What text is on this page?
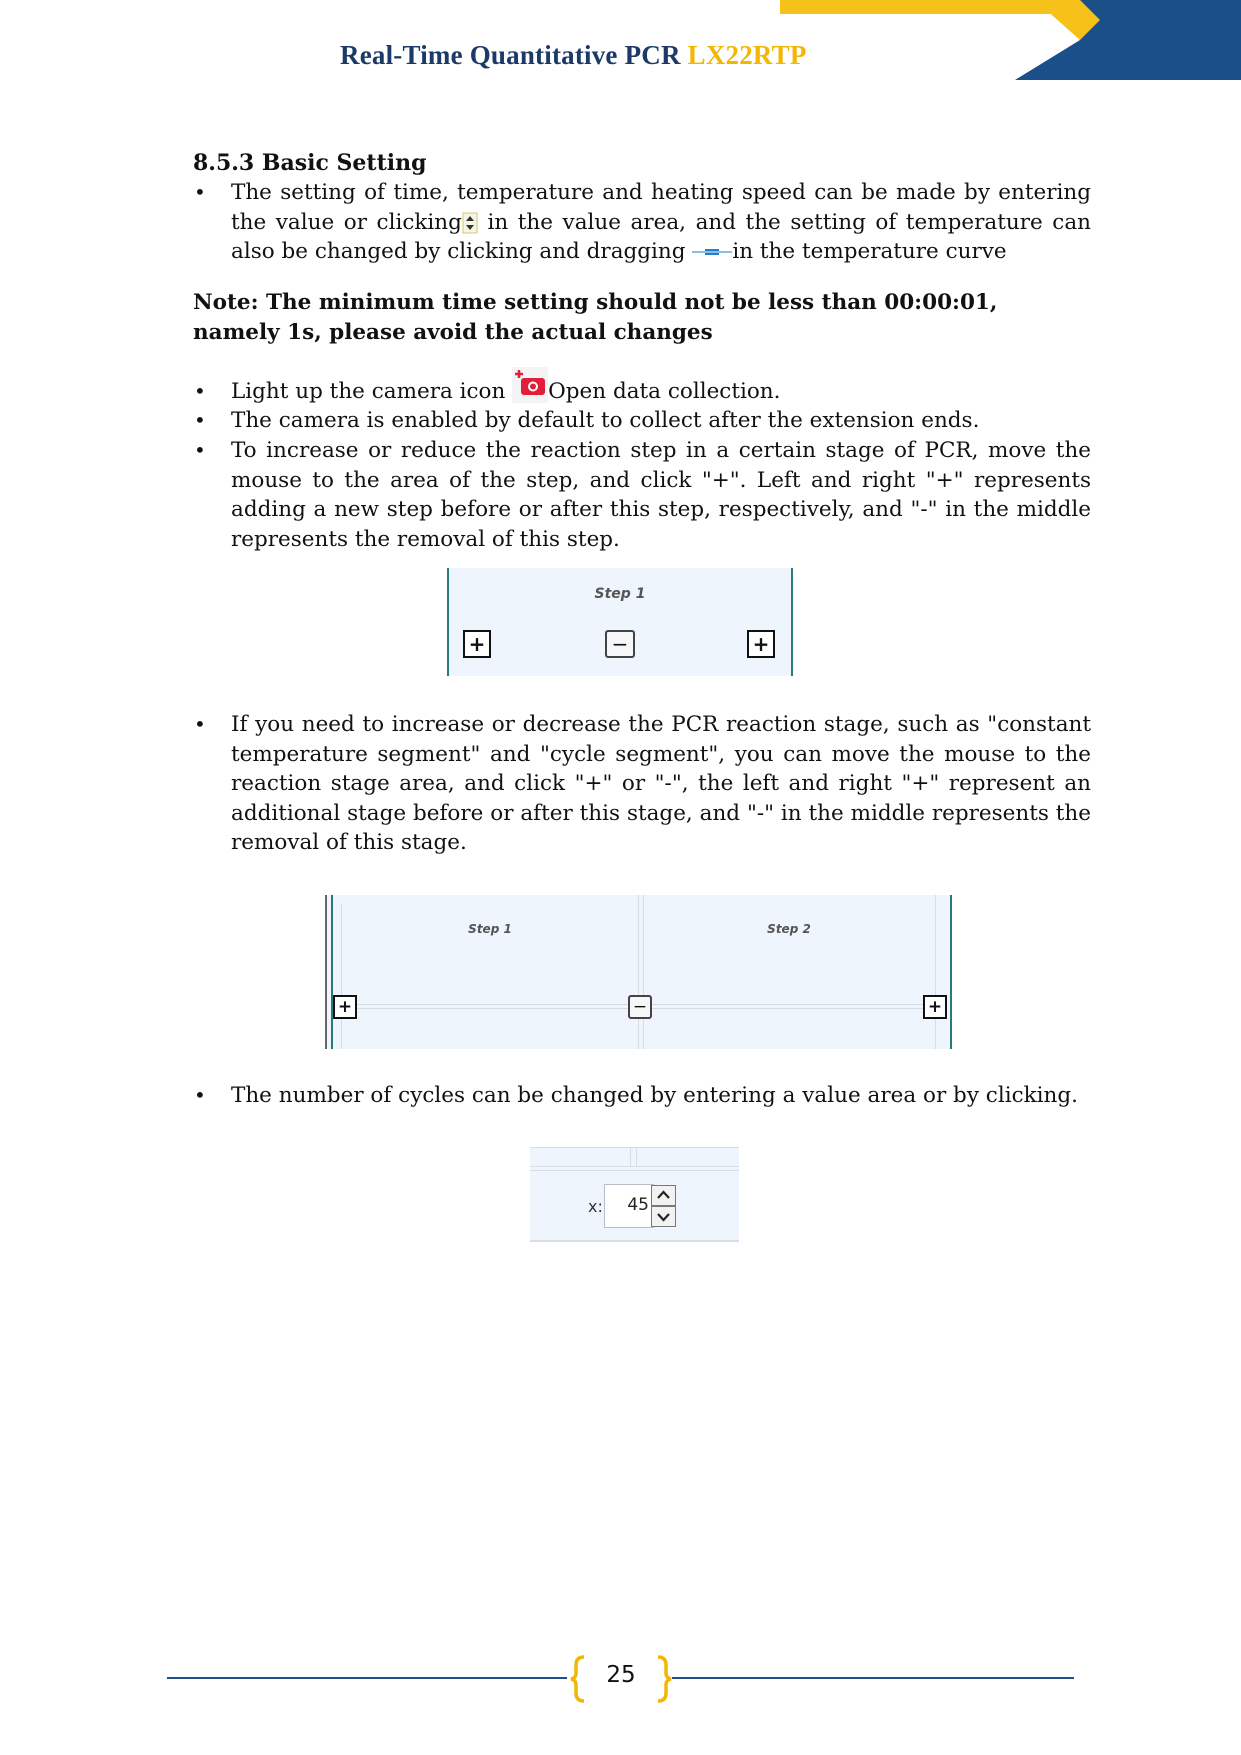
Real-Time Quantitative PCR LX22RTP
8.5.3 Basic Setting
The setting of time, temperature and heating speed can be made by entering the value or clicking in the value area, and the setting of temperature can also be changed by clicking and dragging in the temperature curve
Note: The minimum time setting should not be less than 00:00:01, namely 1s, please avoid the actual changes
Light up the camera icon Open data collection.
The camera is enabled by default to collect after the extension ends.
To increase or reduce the reaction step in a certain stage of PCR, move the mouse to the area of the step, and click "+". Left and right "+" represents adding a new step before or after this step, respectively, and "-" in the middle represents the removal of this step.
Step 1
+	−	+
If you need to increase or decrease the PCR reaction stage, such as "constant temperature segment" and "cycle segment", you can move the mouse to the reaction stage area, and click "+" or "-", the left and right "+" represent an additional stage before or after this stage, and "-" in the middle represents the removal of this stage.
Step 1	Step 2
+	−	+
The number of cycles can be changed by entering a value area or by clicking.
x: 45
25
